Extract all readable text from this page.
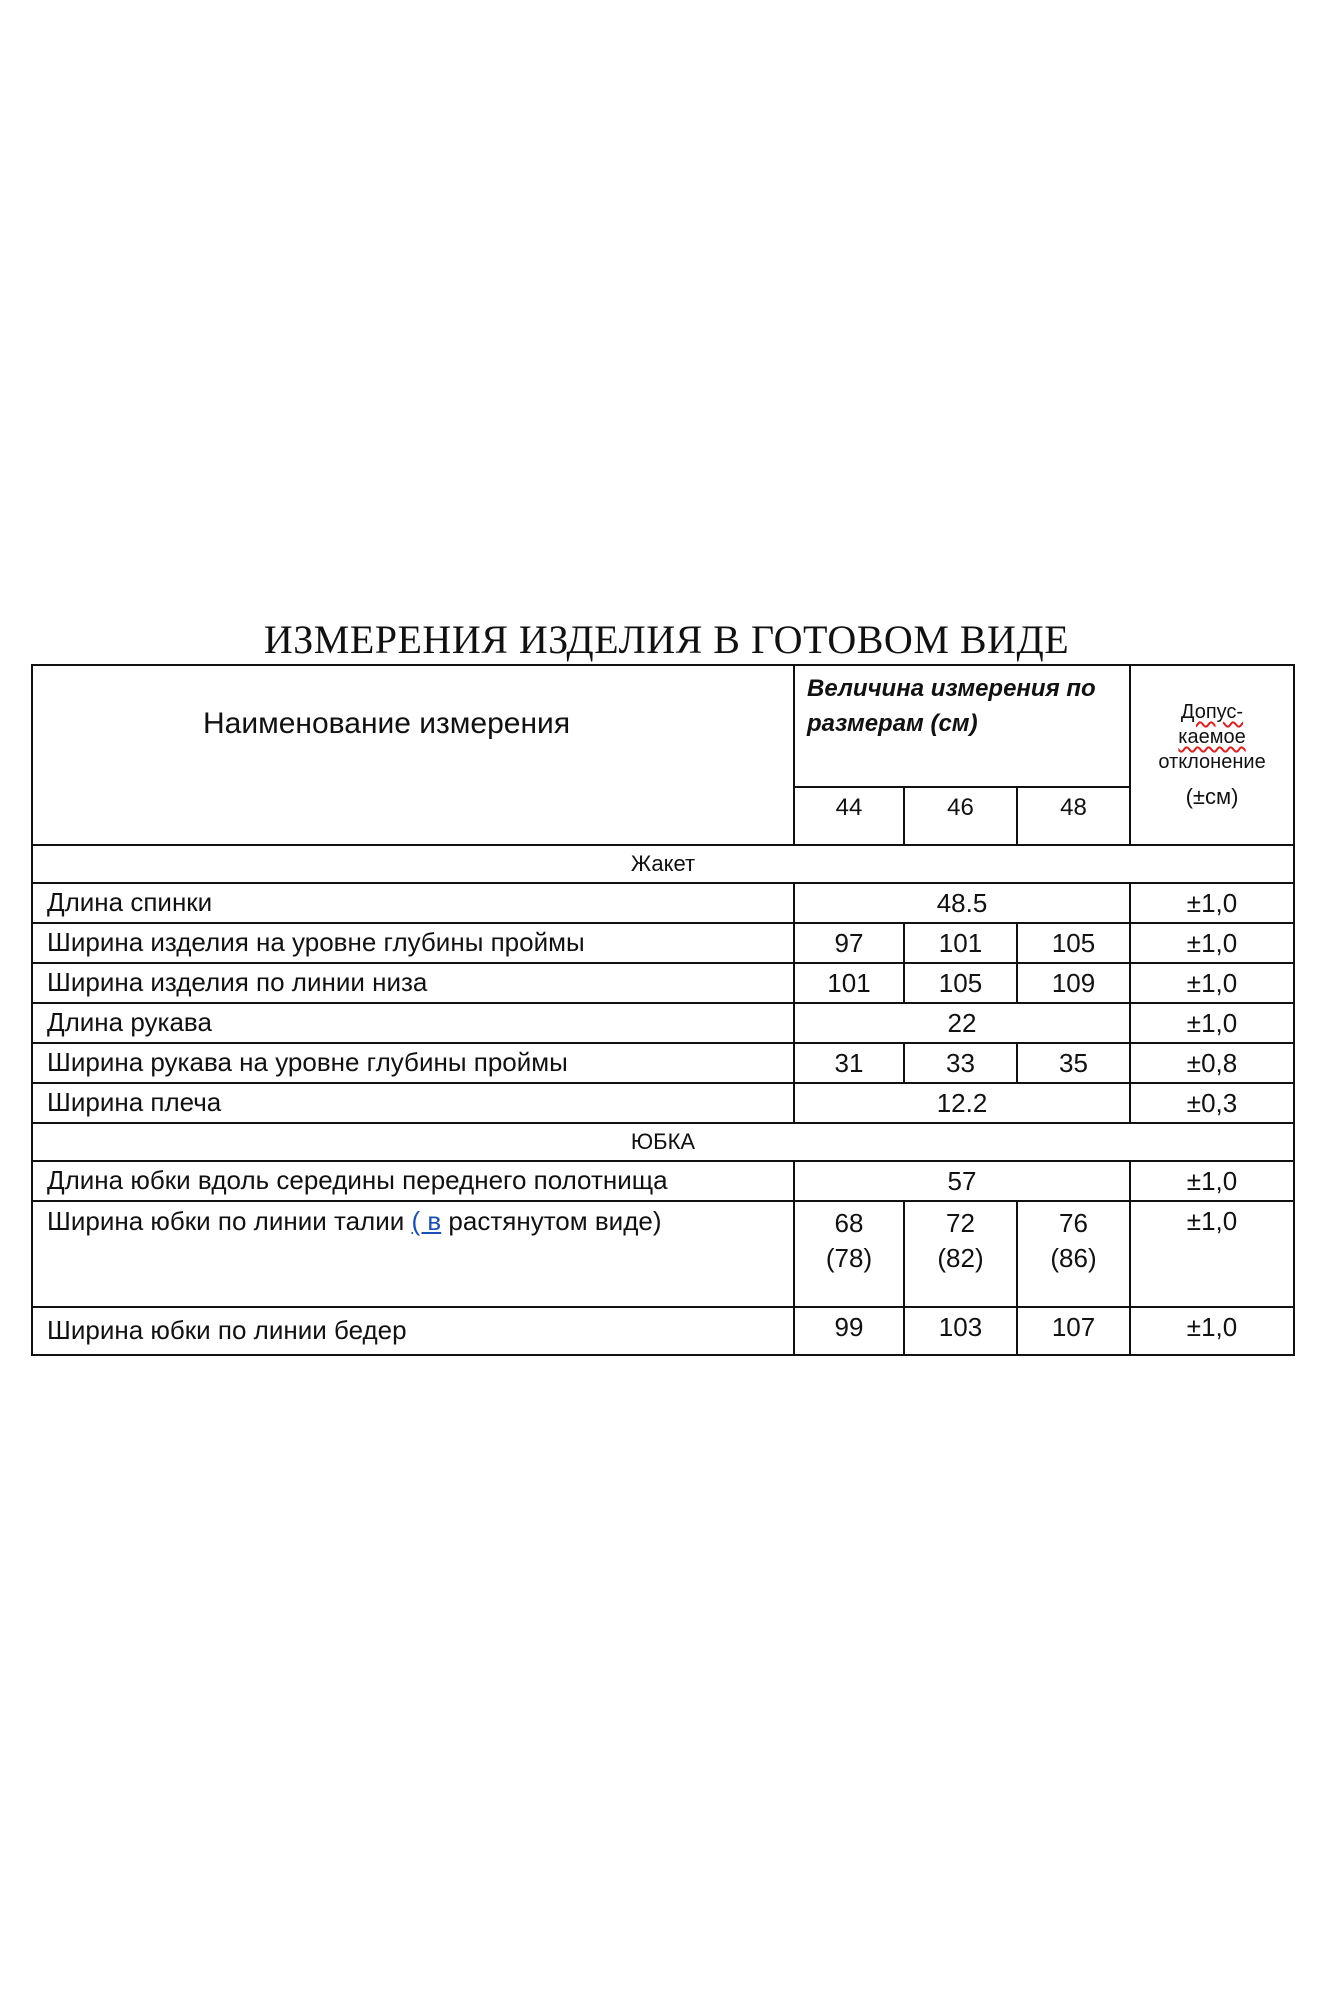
ИЗМЕРЕНИЯ ИЗДЕЛИЯ В ГОТОВОМ ВИДЕ
Наименование измерения	Величина измерения по размерам (см)			Допус-
каемое
отклонение
(±см)

	44	46	48	
Жакет				
Длина спинки	48.5			±1,0
Ширина изделия на уровне глубины проймы	97	101	105	±1,0
Ширина изделия по линии низа	101	105	109	±1,0
Длина рукава	22			±1,0
Ширина рукава на уровне глубины проймы	31	33	35	±0,8
Ширина плеча	12.2			±0,3
ЮБКА				
Длина юбки вдоль середины переднего полотнища	57			±1,0
Ширина юбки по линии талии ( в растянутом виде)	68
(78)	72
(82)	76
(86)	±1,0
Ширина юбки по линии бедер	99	103	107	±1,0
